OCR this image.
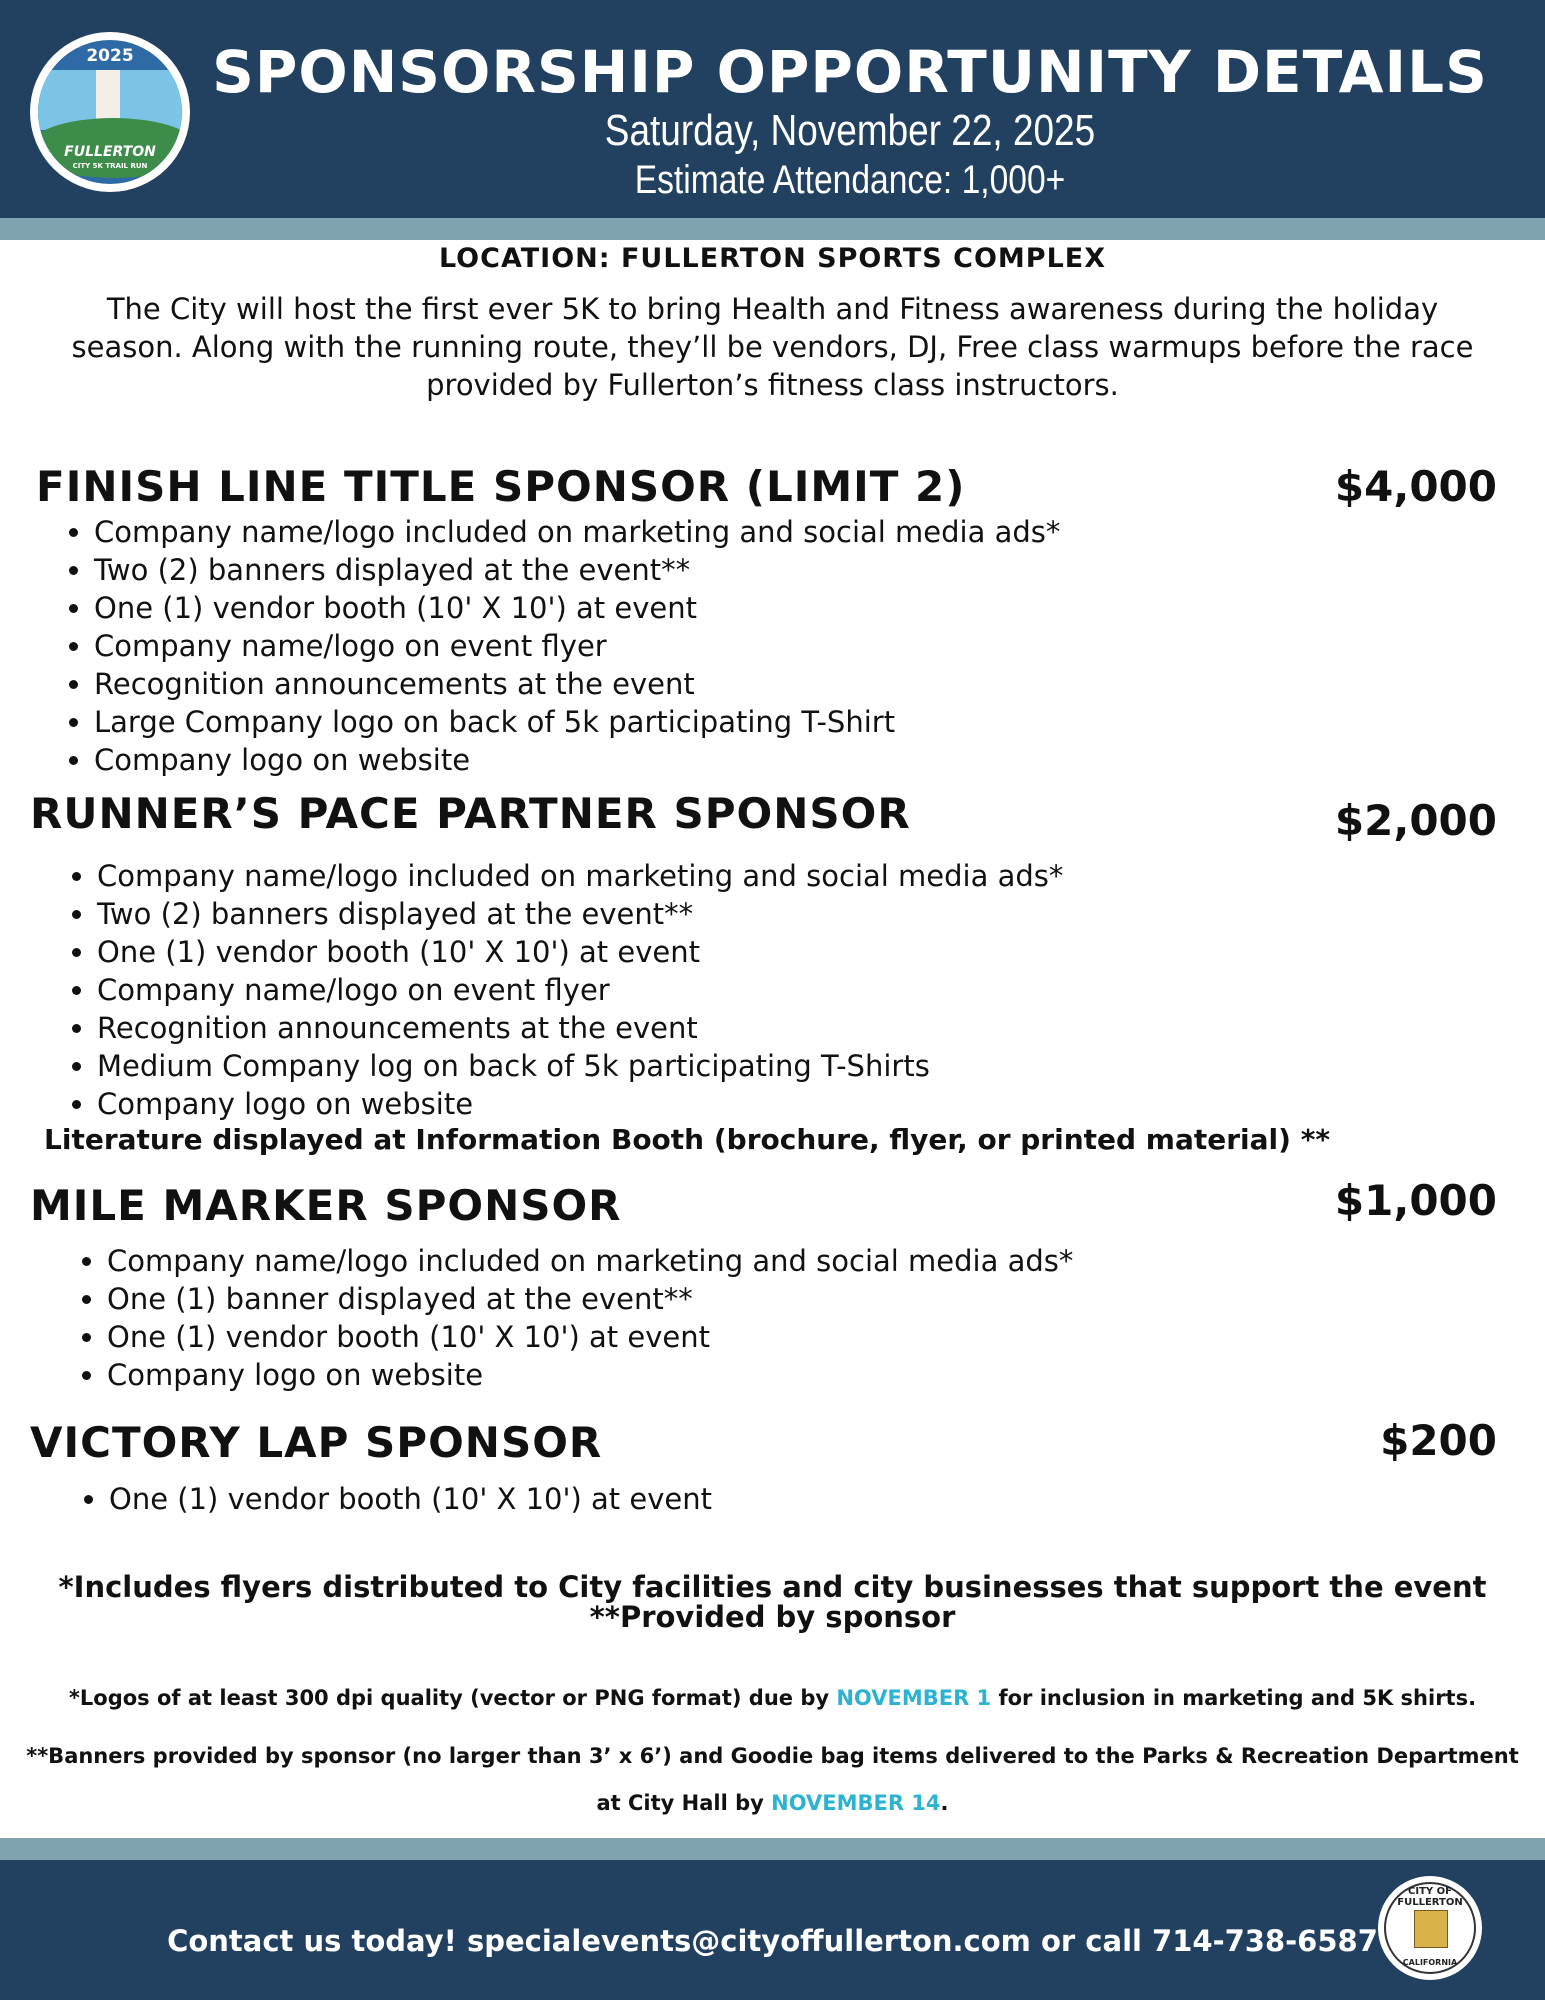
2025
FULLERTON
CITY 5K TRAIL RUN
SPONSORSHIP OPPORTUNITY DETAILS
Saturday, November 22, 2025
Estimate Attendance: 1,000+
LOCATION: FULLERTON SPORTS COMPLEX
The City will host the first ever 5K to bring Health and Fitness awareness during the holiday season. Along with the running route, they’ll be vendors, DJ, Free class warmups before the race provided by Fullerton’s fitness class instructors.
FINISH LINE TITLE SPONSOR (LIMIT 2)	$4,000
• Company name/logo included on marketing and social media ads*
• Two (2) banners displayed at the event**
• One (1) vendor booth (10' X 10') at event
• Company name/logo on event flyer
• Recognition announcements at the event
• Large Company logo on back of 5k participating T-Shirt
• Company logo on website
RUNNER’S PACE PARTNER SPONSOR	$2,000
• Company name/logo included on marketing and social media ads*
• Two (2) banners displayed at the event**
• One (1) vendor booth (10' X 10') at event
• Company name/logo on event flyer
• Recognition announcements at the event
• Medium Company log on back of 5k participating T-Shirts
• Company logo on website
Literature displayed at Information Booth (brochure, flyer, or printed material) **
MILE MARKER SPONSOR	$1,000
• Company name/logo included on marketing and social media ads*
• One (1) banner displayed at the event**
• One (1) vendor booth (10' X 10') at event
• Company logo on website
VICTORY LAP SPONSOR	$200
• One (1) vendor booth (10' X 10') at event
*Includes flyers distributed to City facilities and city businesses that support the event
**Provided by sponsor
*Logos of at least 300 dpi quality (vector or PNG format) due by NOVEMBER 1 for inclusion in marketing and 5K shirts.
**Banners provided by sponsor (no larger than 3’ x 6’) and Goodie bag items delivered to the Parks & Recreation Department at City Hall by NOVEMBER 14.
Contact us today! specialevents@cityoffullerton.com or call 714-738-6587
CITY OF FULLERTON
CALIFORNIA
